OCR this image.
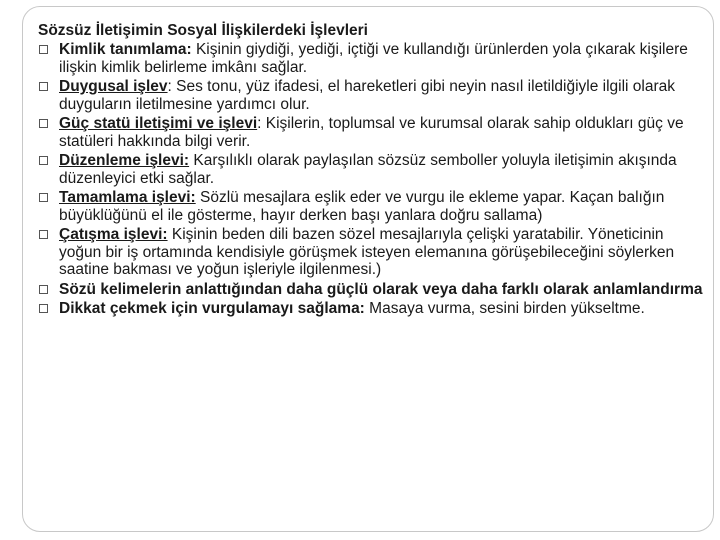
Sözsüz İletişimin Sosyal İlişkilerdeki İşlevleri
Kimlik tanımlama: Kişinin giydiği, yediği, içtiği ve kullandığı ürünlerden yola çıkarak kişilere ilişkin kimlik belirleme imkânı sağlar.
Duygusal işlev: Ses tonu, yüz ifadesi, el hareketleri gibi neyin nasıl iletildiğiyle ilgili olarak duyguların iletilmesine yardımcı olur.
Güç statü iletişimi ve işlevi: Kişilerin, toplumsal ve kurumsal olarak sahip oldukları güç ve statüleri hakkında bilgi verir.
Düzenleme işlevi: Karşılıklı olarak paylaşılan sözsüz semboller yoluyla iletişimin akışında düzenleyici etki sağlar.
Tamamlama işlevi: Sözlü mesajlara eşlik eder ve vurgu ile ekleme yapar. Kaçan balığın büyüklüğünü el ile gösterme, hayır derken başı yanlara doğru sallama)
Çatışma işlevi: Kişinin beden dili bazen sözel mesajlarıyla çelişki yaratabilir. Yöneticinin yoğun bir iş ortamında kendisiyle görüşmek isteyen elemanına görüşebileceğini söylerken saatine bakması ve yoğun işleriyle ilgilenmesi.)
Sözü kelimelerin anlattığından daha güçlü olarak veya daha farklı olarak anlamlandırma
Dikkat çekmek için vurgulamayı sağlama: Masaya vurma, sesini birden yükseltme.
